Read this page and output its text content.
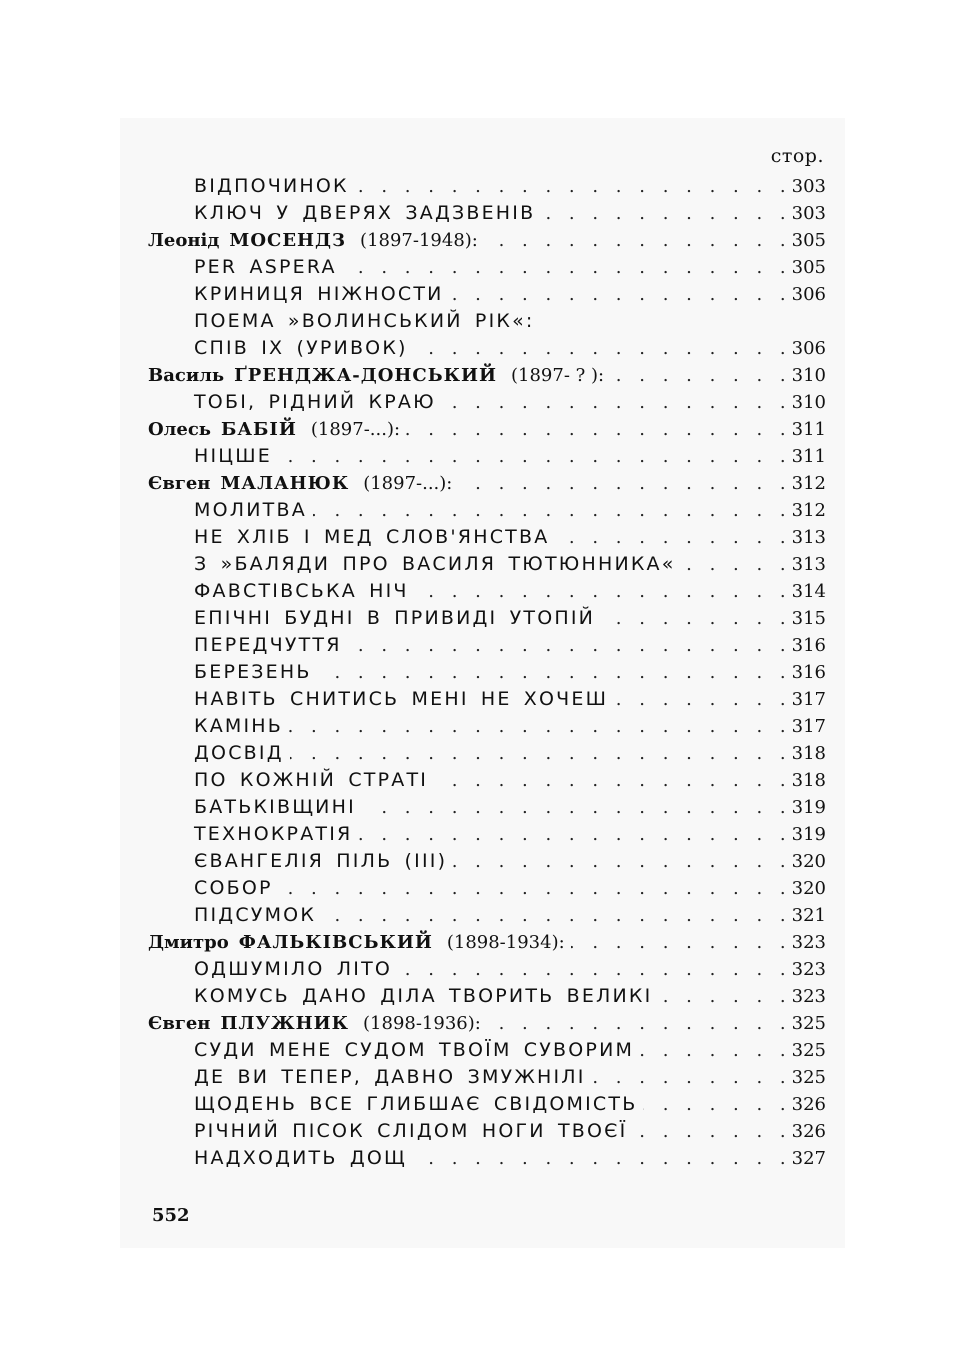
стор.
ВІДПОЧИНОК . . .	303
КЛЮЧ У ДВЕРЯХ ЗАДЗВЕНІВ . . .	303
Леонід МОСЕНДЗ (1897-1948): . . .	305
PER ASPERA . . .	305
КРИНИЦЯ НІЖНОСТИ . . .	306
ПОЕМА »ВОЛИНСЬКИЙ РІК«:
СПІВ IX (УРИВОК) . . .	306
Василь ҐРЕНДЖА-ДОНСЬКИЙ (1897- ? ): . . .	310
ТОБІ, РІДНИЙ КРАЮ . . .	310
Олесь БАБІЙ (1897-...): . . .	311
НІЦШЕ . . .	311
Євген МАЛАНЮК (1897-...): . . .	312
МОЛИТВА . . .	312
НЕ ХЛІБ І МЕД СЛОВ'ЯНСТВА . . .	313
З »БАЛЯДИ ПРО ВАСИЛЯ ТЮТЮННИКА« . . .	313
ФАВСТІВСЬКА НІЧ . . .	314
ЕПІЧНІ БУДНІ В ПРИВИДІ УТОПІЙ . . .	315
ПЕРЕДЧУТТЯ . . .	316
БЕРЕЗЕНЬ . . .	316
НАВІТЬ СНИТИСЬ МЕНІ НЕ ХОЧЕШ . . .	317
КАМІНЬ . . .	317
ДОСВІД . . .	318
ПО КОЖНІЙ СТРАТІ . . .	318
БАТЬКІВЩИНІ . . .	319
ТЕХНОКРАТІЯ . . .	319
ЄВАНГЕЛІЯ ПІЛЬ (III) . . .	320
СОБОР . . .	320
ПІДСУМОК . . .	321
Дмитро ФАЛЬКІВСЬКИЙ (1898-1934): . . .	323
ОДШУМІЛО ЛІТО . . .	323
КОМУСЬ ДАНО ДІЛА ТВОРИТЬ ВЕЛИКІ . . .	323
Євген ПЛУЖНИК (1898-1936): . . .	325
СУДИ МЕНЕ СУДОМ ТВОЇМ СУВОРИМ . . .	325
ДЕ ВИ ТЕПЕР, ДАВНО ЗМУЖНІЛІ . . .	325
ЩОДЕНЬ ВСЕ ГЛИБШАЄ СВІДОМІСТЬ . . .	326
РІЧНИЙ ПІСОК СЛІДОМ НОГИ ТВОЄЇ . . .	326
НАДХОДИТЬ ДОЩ . . .	327
552
